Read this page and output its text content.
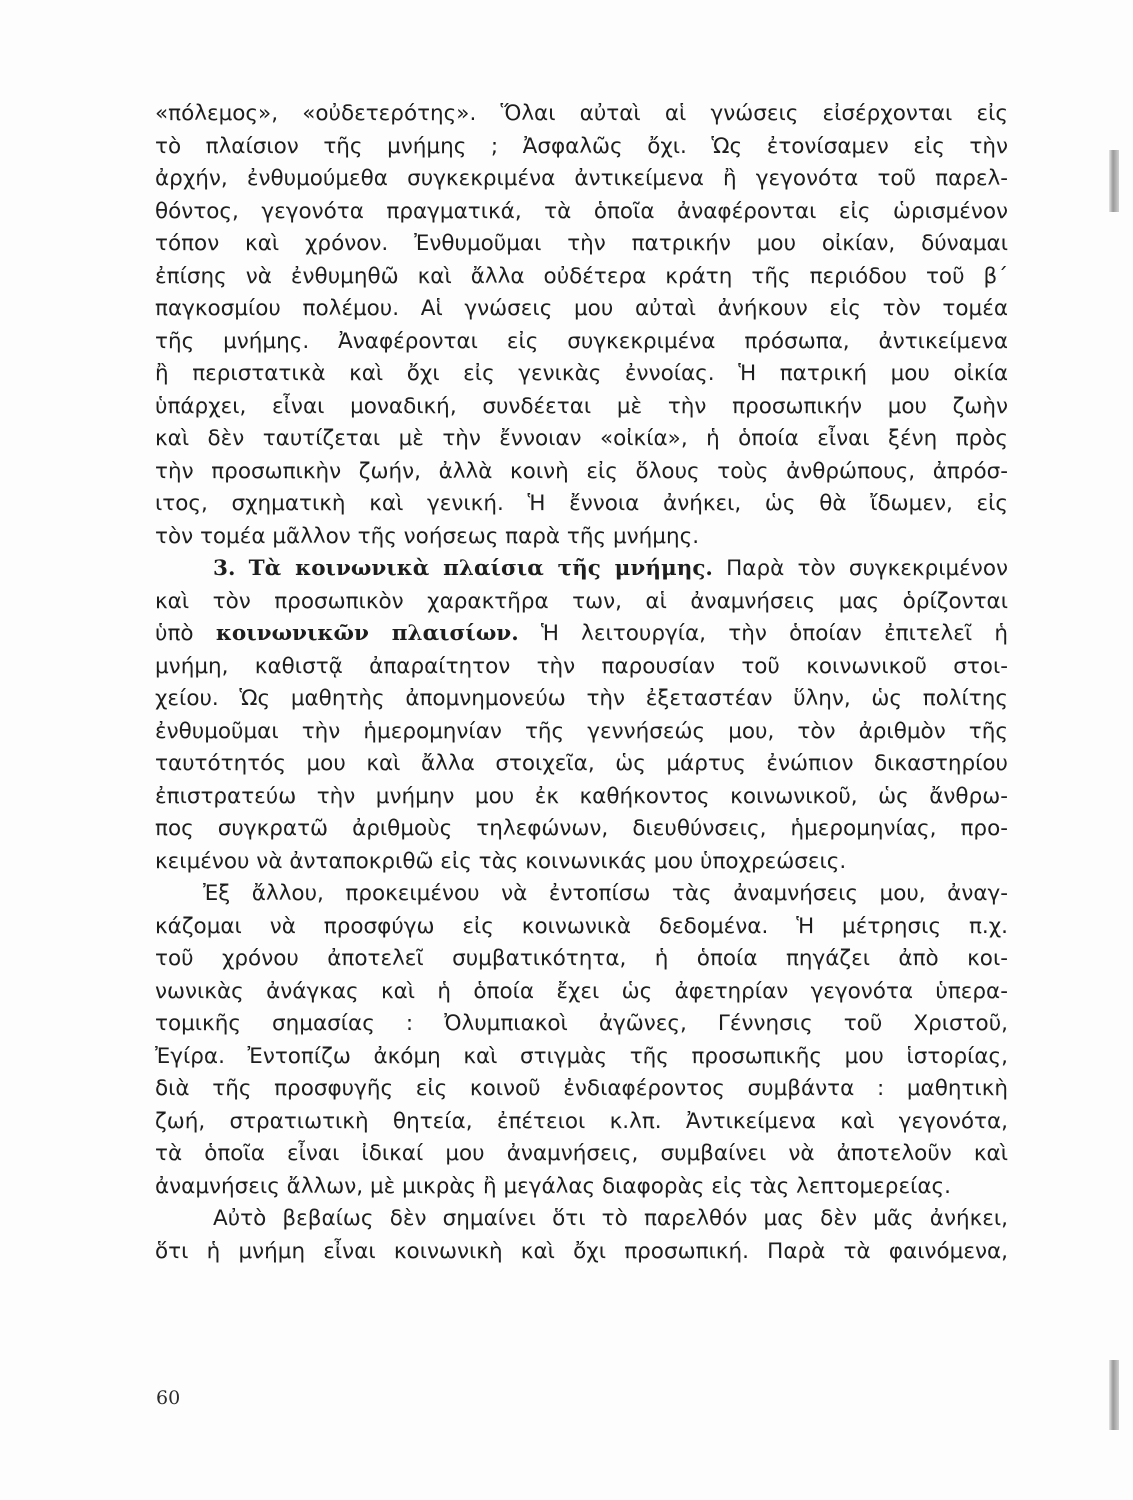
«πόλεμος», «οὐδετερότης». Ὅλαι αὐταὶ αἱ γνώσεις εἰσέρχονται εἰς
τὸ πλαίσιον τῆς μνήμης ; Ἀσφαλῶς ὄχι. Ὡς ἐτονίσαμεν εἰς τὴν
ἀρχήν, ἐνθυμούμεθα συγκεκριμένα ἀντικείμενα ἢ γεγονότα τοῦ παρελ-
θόντος, γεγονότα πραγματικά, τὰ ὁποῖα ἀναφέρονται εἰς ὡρισμένον
τόπον καὶ χρόνον. Ἐνθυμοῦμαι τὴν πατρικήν μου οἰκίαν, δύναμαι
ἐπίσης νὰ ἐνθυμηθῶ καὶ ἄλλα οὐδέτερα κράτη τῆς περιόδου τοῦ β΄
παγκοσμίου πολέμου. Αἱ γνώσεις μου αὐταὶ ἀνήκουν εἰς τὸν τομέα
τῆς μνήμης. Ἀναφέρονται εἰς συγκεκριμένα πρόσωπα, ἀντικείμενα
ἢ περιστατικὰ καὶ ὄχι εἰς γενικὰς ἐννοίας. Ἡ πατρική μου οἰκία
ὑπάρχει, εἶναι μοναδική, συνδέεται μὲ τὴν προσωπικήν μου ζωὴν
καὶ δὲν ταυτίζεται μὲ τὴν ἔννοιαν «οἰκία», ἡ ὁποία εἶναι ξένη πρὸς
τὴν προσωπικὴν ζωήν, ἀλλὰ κοινὴ εἰς ὅλους τοὺς ἀνθρώπους, ἀπρόσ-
ιτος, σχηματικὴ καὶ γενική. Ἡ ἔννοια ἀνήκει, ὡς θὰ ἴδωμεν, εἰς
τὸν τομέα μᾶλλον τῆς νοήσεως παρὰ τῆς μνήμης.
3. Τὰ κοινωνικὰ πλαίσια τῆς μνήμης. Παρὰ τὸν συγκεκριμένον
καὶ τὸν προσωπικὸν χαρακτῆρα των, αἱ ἀναμνήσεις μας ὁρίζονται
ὑπὸ κοινωνικῶν πλαισίων. Ἡ λειτουργία, τὴν ὁποίαν ἐπιτελεῖ ἡ
μνήμη, καθιστᾷ ἀπαραίτητον τὴν παρουσίαν τοῦ κοινωνικοῦ στοι-
χείου. Ὡς μαθητὴς ἀπομνημονεύω τὴν ἐξεταστέαν ὕλην, ὡς πολίτης
ἐνθυμοῦμαι τὴν ἡμερομηνίαν τῆς γεννήσεώς μου, τὸν ἀριθμὸν τῆς
ταυτότητός μου καὶ ἄλλα στοιχεῖα, ὡς μάρτυς ἐνώπιον δικαστηρίου
ἐπιστρατεύω τὴν μνήμην μου ἐκ καθήκοντος κοινωνικοῦ, ὡς ἄνθρω-
πος συγκρατῶ ἀριθμοὺς τηλεφώνων, διευθύνσεις, ἡμερομηνίας, προ-
κειμένου νὰ ἀνταποκριθῶ εἰς τὰς κοινωνικάς μου ὑποχρεώσεις.
Ἐξ ἄλλου, προκειμένου νὰ ἐντοπίσω τὰς ἀναμνήσεις μου, ἀναγ-
κάζομαι νὰ προσφύγω εἰς κοινωνικὰ δεδομένα. Ἡ μέτρησις π.χ.
τοῦ χρόνου ἀποτελεῖ συμβατικότητα, ἡ ὁποία πηγάζει ἀπὸ κοι-
νωνικὰς ἀνάγκας καὶ ἡ ὁποία ἔχει ὡς ἀφετηρίαν γεγονότα ὑπερα-
τομικῆς σημασίας : Ὀλυμπιακοὶ ἀγῶνες, Γέννησις τοῦ Χριστοῦ,
Ἐγίρα. Ἐντοπίζω ἀκόμη καὶ στιγμὰς τῆς προσωπικῆς μου ἱστορίας,
διὰ τῆς προσφυγῆς εἰς κοινοῦ ἐνδιαφέροντος συμβάντα : μαθητικὴ
ζωή, στρατιωτικὴ θητεία, ἐπέτειοι κ.λπ. Ἀντικείμενα καὶ γεγονότα,
τὰ ὁποῖα εἶναι ἰδικαί μου ἀναμνήσεις, συμβαίνει νὰ ἀποτελοῦν καὶ
ἀναμνήσεις ἄλλων, μὲ μικρὰς ἢ μεγάλας διαφορὰς εἰς τὰς λεπτομερείας.
Αὐτὸ βεβαίως δὲν σημαίνει ὅτι τὸ παρελθόν μας δὲν μᾶς ἀνήκει,
ὅτι ἡ μνήμη εἶναι κοινωνικὴ καὶ ὄχι προσωπική. Παρὰ τὰ φαινόμενα,
60
